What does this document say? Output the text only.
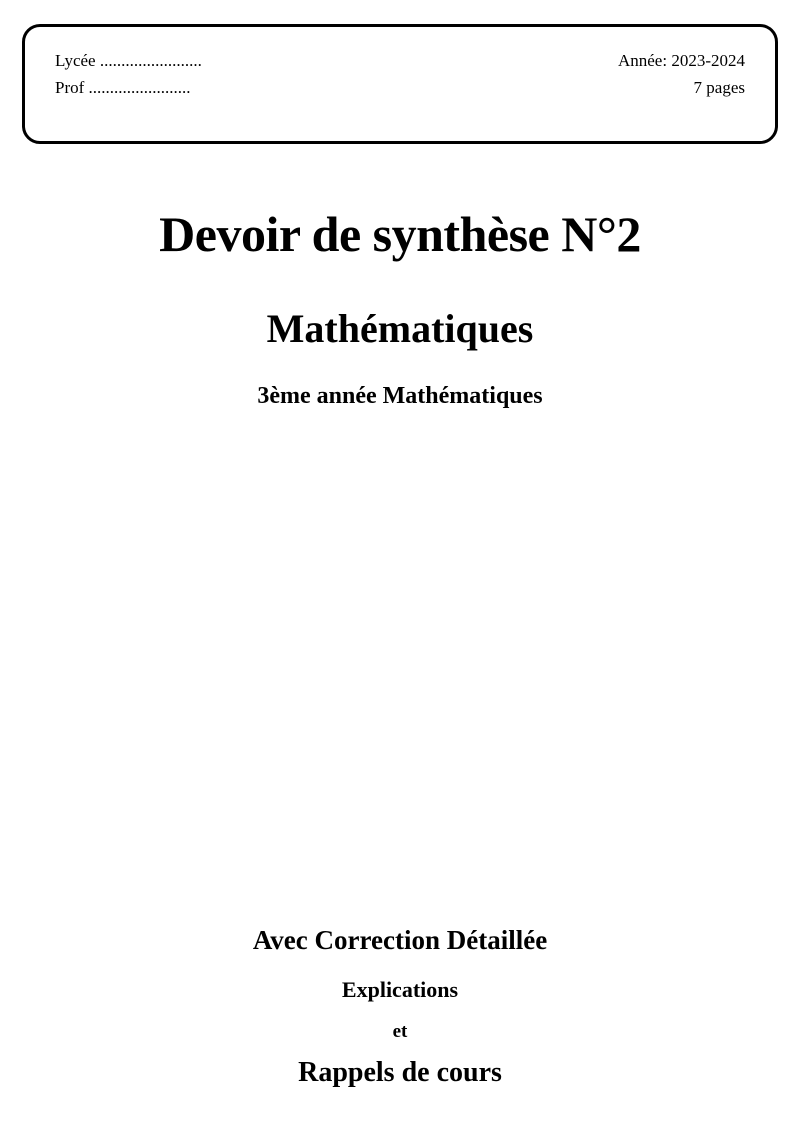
Lycée ........................	Année: 2023-2024
Prof ........................	7 pages
Devoir de synthèse N°2
Mathématiques
3ème année Mathématiques
Avec Correction Détaillée
Explications
et
Rappels de cours
